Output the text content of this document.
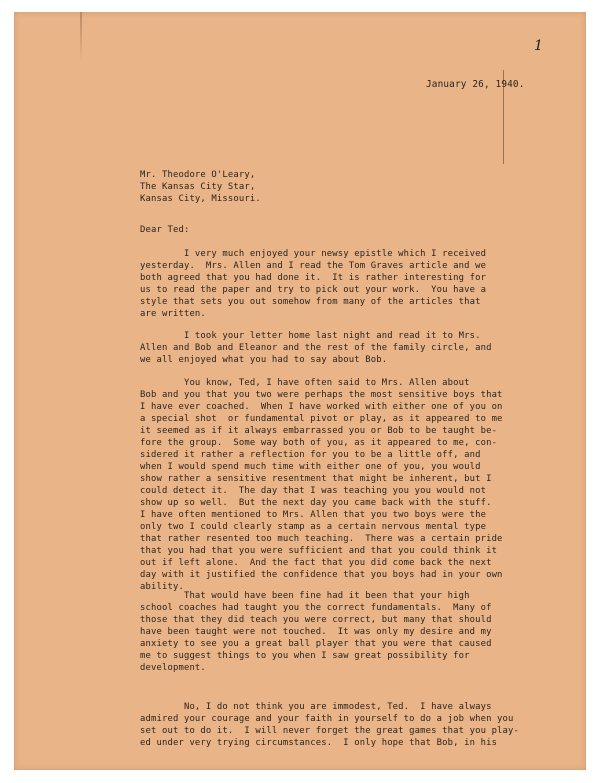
1
January 26, 1940.
Mr. Theodore O'Leary,
The Kansas City Star,
Kansas City, Missouri.
Dear Ted:
I very much enjoyed your newsy epistle which I received
yesterday.  Mrs. Allen and I read the Tom Graves article and we
both agreed that you had done it.  It is rather interesting for
us to read the paper and try to pick out your work.  You have a
style that sets you out somehow from many of the articles that
are written.
I took your letter home last night and read it to Mrs.
Allen and Bob and Eleanor and the rest of the family circle, and
we all enjoyed what you had to say about Bob.
You know, Ted, I have often said to Mrs. Allen about
Bob and you that you two were perhaps the most sensitive boys that
I have ever coached.  When I have worked with either one of you on
a special shot  or fundamental pivot or play, as it appeared to me
it seemed as if it always embarrassed you or Bob to be taught be-
fore the group.  Some way both of you, as it appeared to me, con-
sidered it rather a reflection for you to be a little off, and
when I would spend much time with either one of you, you would
show rather a sensitive resentment that might be inherent, but I
could detect it.  The day that I was teaching you you would not
show up so well.  But the next day you came back with the stuff.
I have often mentioned to Mrs. Allen that you two boys were the
only two I could clearly stamp as a certain nervous mental type
that rather resented too much teaching.  There was a certain pride
that you had that you were sufficient and that you could think it
out if left alone.  And the fact that you did come back the next
day with it justified the confidence that you boys had in your own
ability.
That would have been fine had it been that your high
school coaches had taught you the correct fundamentals.  Many of
those that they did teach you were correct, but many that should
have been taught were not touched.  It was only my desire and my
anxiety to see you a great ball player that you were that caused
me to suggest things to you when I saw great possibility for
development.
No, I do not think you are immodest, Ted.  I have always
admired your courage and your faith in yourself to do a job when you
set out to do it.  I will never forget the great games that you play-
ed under very trying circumstances.  I only hope that Bob, in his
